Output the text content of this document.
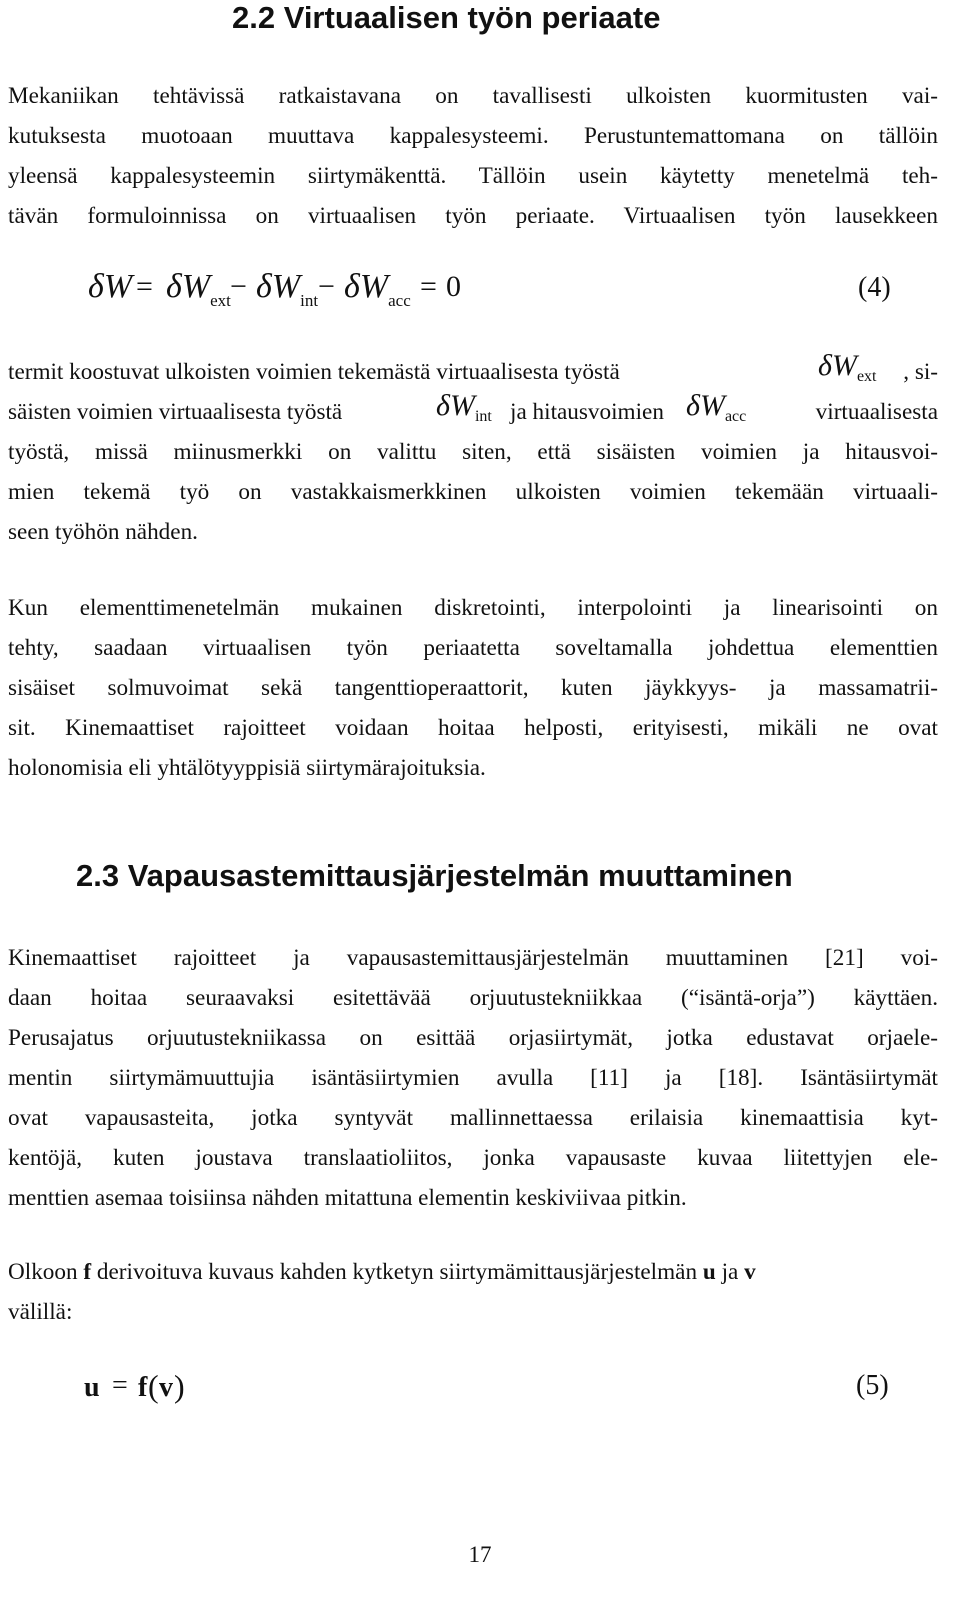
2.2 Virtuaalisen työn periaate
Mekaniikan tehtävissä ratkaistavana on tavallisesti ulkoisten kuormitusten vai-
kutuksesta muotoaan muuttava kappalesysteemi. Perustuntemattomana on tällöin
yleensä kappalesysteemin siirtymäkenttä. Tällöin usein käytetty menetelmä teh-
tävän formuloinnissa on virtuaalisen työn periaate. Virtuaalisen työn lausekkeen
δW = δWext − δWint − δWacc = 0	(4)
termit koostuvat ulkoisten voimien tekemästä virtuaalisesta työstä	$\delta W_{ext}$ , si-
säisten voimien virtuaalisesta työstä	$\delta W_{int}$ ja hitausvoimien $\delta W_{acc}$	virtuaalisesta
työstä, missä miinusmerkki on valittu siten, että sisäisten voimien ja hitausvoi-
mien tekemä työ on vastakkaismerkkinen ulkoisten voimien tekemään virtuaali-
seen työhön nähden.
Kun elementtimenetelmän mukainen diskretointi, interpolointi ja linearisointi on
tehty, saadaan virtuaalisen työn periaatetta soveltamalla johdettua elementtien
sisäiset solmuvoimat sekä tangenttioperaattorit, kuten jäykkyys- ja massamatrii-
sit. Kinemaattiset rajoitteet voidaan hoitaa helposti, erityisesti, mikäli ne ovat
holonomisia eli yhtälötyyppisiä siirtymärajoituksia.
2.3 Vapausastemittausjärjestelmän muuttaminen
Kinemaattiset rajoitteet ja vapausastemittausjärjestelmän muuttaminen [21] voi-
daan hoitaa seuraavaksi esitettävää orjuutustekniikkaa (“isäntä-orja”) käyttäen.
Perusajatus orjuutustekniikassa on esittää orjasiirtymät, jotka edustavat orjaele-
mentin siirtymämuuttujia isäntäsiirtymien avulla [11] ja [18]. Isäntäsiirtymät
ovat vapausasteita, jotka syntyvät mallinnettaessa erilaisia kinemaattisia kyt-
kentöjä, kuten joustava translaatioliitos, jonka vapausaste kuvaa liitettyjen ele-
menttien asemaa toisiinsa nähden mitattuna elementin keskiviivaa pitkin.
Olkoon f derivoituva kuvaus kahden kytketyn siirtymämittausjärjestelmän u ja v
välillä:
u = f ( v )	(5)
17
